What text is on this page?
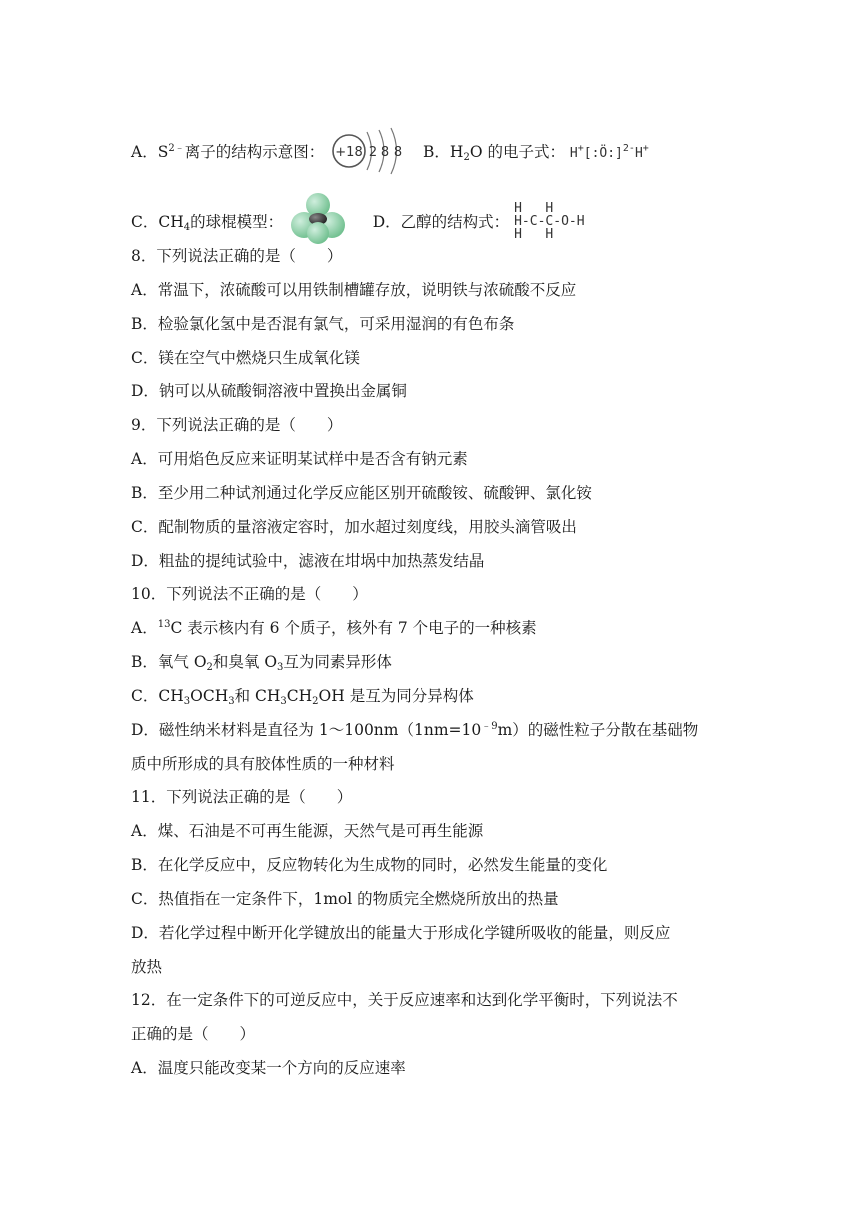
A．$S^{2﹣}$离子的结构示意图： +18 2 8 8 B．$H_2O$ 的电子式： H+[:Ö:]$^{2-}$H+
C．$CH_4$的球棍模型：	D．乙醇的结构式：
H   H
H-C-C-O-H
H   H
8．下列说法正确的是（　　）
A．常温下，浓硫酸可以用铁制槽罐存放，说明铁与浓硫酸不反应
B．检验氯化氢中是否混有氯气，可采用湿润的有色布条
C．镁在空气中燃烧只生成氧化镁
D．钠可以从硫酸铜溶液中置换出金属铜
9．下列说法正确的是（　　）
A．可用焰色反应来证明某试样中是否含有钠元素
B．至少用二种试剂通过化学反应能区别开硫酸铵、硫酸钾、氯化铵
C．配制物质的量溶液定容时，加水超过刻度线，用胶头滴管吸出
D．粗盐的提纯试验中，滤液在坩埚中加热蒸发结晶
10．下列说法不正确的是（　　）
A．$^{13}$C 表示核内有 6 个质子，核外有 7 个电子的一种核素
B．氧气 $O_2$和臭氧 $O_3$互为同素异形体
C．$CH_3OCH_3$和 $CH_3CH_2OH$ 是互为同分异构体
D．磁性纳米材料是直径为 $1\sim 100nm(1nm=10^{﹣9}m)$的磁性粒子分散在基础物
质中所形成的具有胶体性质的一种材料
11．下列说法正确的是（　　）
A．煤、石油是不可再生能源，天然气是可再生能源
B．在化学反应中，反应物转化为生成物的同时，必然发生能量的变化
C．热值指在一定条件下，1mol 的物质完全燃烧所放出的热量
D．若化学过程中断开化学键放出的能量大于形成化学键所吸收的能量，则反应
放热
12．在一定条件下的可逆反应中，关于反应速率和达到化学平衡时，下列说法不
正确的是（　　）
A．温度只能改变某一个方向的反应速率
